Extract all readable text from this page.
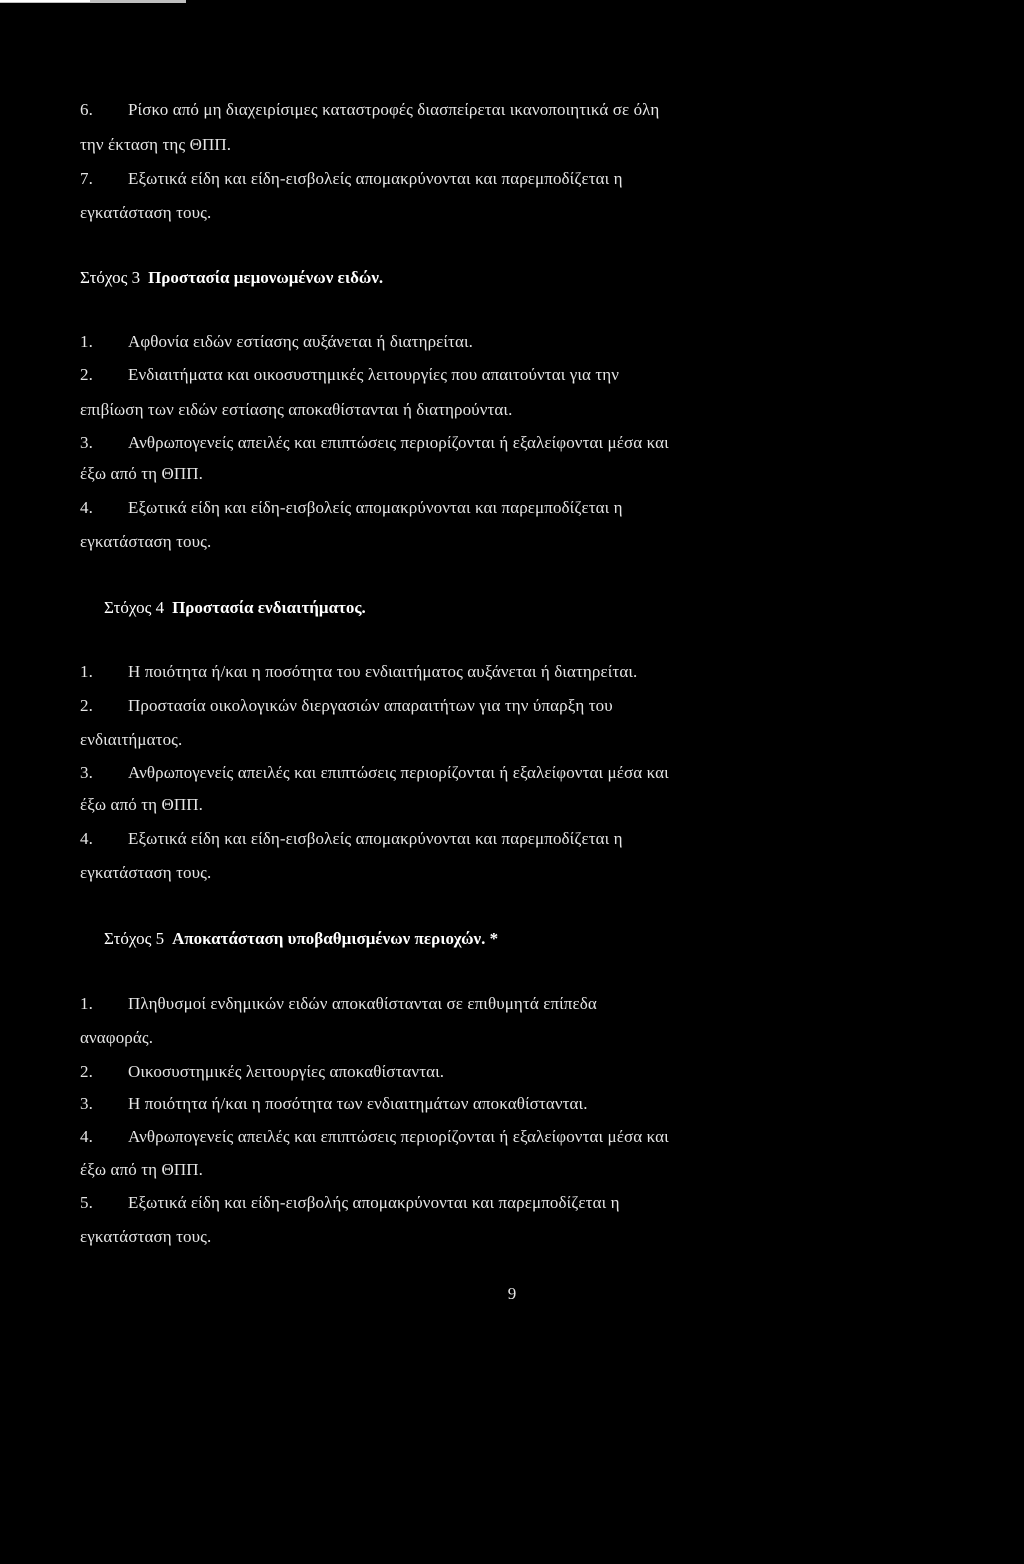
6. Ρίσκο από μη διαχειρίσιμες καταστροφές διασπείρεται ικανοποιητικά σε όλη
την έκταση της ΘΠΠ.
7. Εξωτικά είδη και είδη-εισβολείς απομακρύνονται και παρεμποδίζεται η
εγκατάσταση τους.
Στόχος 3 Προστασία μεμονωμένων ειδών.
1. Αφθονία ειδών εστίασης αυξάνεται ή διατηρείται.
2. Ενδιαιτήματα και οικοσυστημικές λειτουργίες που απαιτούνται για την
επιβίωση των ειδών εστίασης αποκαθίστανται ή διατηρούνται.
3. Ανθρωπογενείς απειλές και επιπτώσεις περιορίζονται ή εξαλείφονται μέσα και
έξω από τη ΘΠΠ.
4. Εξωτικά είδη και είδη-εισβολείς απομακρύνονται και παρεμποδίζεται η
εγκατάσταση τους.
Στόχος 4 Προστασία ενδιαιτήματος.
1. Η ποιότητα ή/και η ποσότητα του ενδιαιτήματος αυξάνεται ή διατηρείται.
2. Προστασία οικολογικών διεργασιών απαραιτήτων για την ύπαρξη του
ενδιαιτήματος.
3. Ανθρωπογενείς απειλές και επιπτώσεις περιορίζονται ή εξαλείφονται μέσα και
έξω από τη ΘΠΠ.
4. Εξωτικά είδη και είδη-εισβολείς απομακρύνονται και παρεμποδίζεται η
εγκατάσταση τους.
Στόχος 5 Αποκατάσταση υποβαθμισμένων περιοχών. *
1. Πληθυσμοί ενδημικών ειδών αποκαθίστανται σε επιθυμητά επίπεδα
αναφοράς.
2. Οικοσυστημικές λειτουργίες αποκαθίστανται.
3. Η ποιότητα ή/και η ποσότητα των ενδιαιτημάτων αποκαθίστανται.
4. Ανθρωπογενείς απειλές και επιπτώσεις περιορίζονται ή εξαλείφονται μέσα και
έξω από τη ΘΠΠ.
5. Εξωτικά είδη και είδη-εισβολής απομακρύνονται και παρεμποδίζεται η
εγκατάσταση τους.
9
